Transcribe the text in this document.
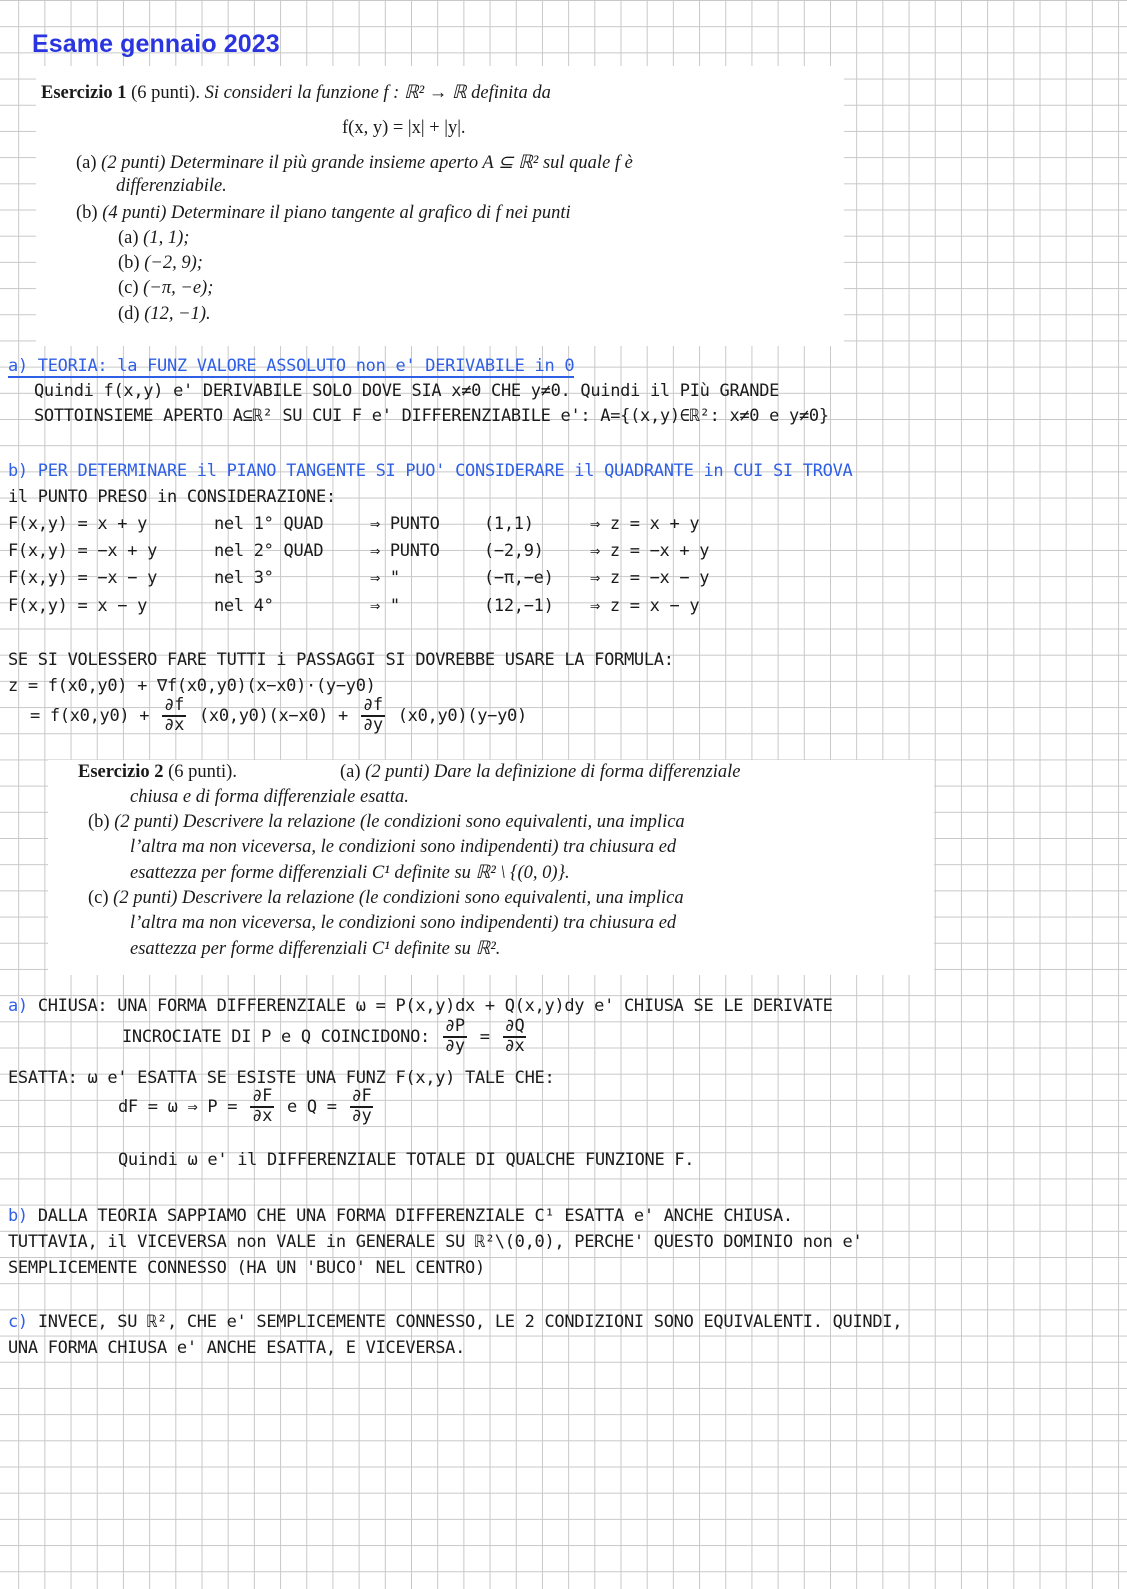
Esame gennaio 2023
Esercizio 1 (6 punti). Si consideri la funzione f : ℝ² → ℝ definita da
f(x, y) = |x| + |y|.
(a) (2 punti) Determinare il più grande insieme aperto A ⊆ ℝ² sul quale f è
differenziabile.
(b) (4 punti) Determinare il piano tangente al grafico di f nei punti
(a) (1, 1);
(b) (−2, 9);
(c) (−π, −e);
(d) (12, −1).
a) TEORIA: la FUNZ VALORE ASSOLUTO non e' DERIVABILE in 0
Quindi f(x,y) e' DERIVABILE SOLO DOVE SIA x≠0 CHE y≠0. Quindi il PIù GRANDE
SOTTOINSIEME APERTO A⊆ℝ² SU CUI F e' DIFFERENZIABILE e': A={(x,y)∈ℝ²: x≠0 e y≠0}
b) PER DETERMINARE il PIANO TANGENTE SI PUO' CONSIDERARE il QUADRANTE in CUI SI TROVA
il PUNTO PRESO in CONSIDERAZIONE:
F(x,y) = x + y	nel 1° QUAD	⇒ PUNTO	(1,1)	⇒ z = x + y
F(x,y) = −x + y	nel 2° QUAD	⇒ PUNTO	(−2,9)	⇒ z = −x + y
F(x,y) = −x − y	nel 3°	⇒ "	(−π,−e) ⇒ z = −x − y
F(x,y) = x − y	nel 4°	⇒ "	(12,−1) ⇒ z = x − y
SE SI VOLESSERO FARE TUTTI i PASSAGGI SI DOVREBBE USARE LA FORMULA:
z = f(x0,y0) + ∇f(x0,y0)(x−x0)·(y−y0)
= $f(x0,y0) + \frac{\partial f}{\partial x} (x0,y0)(x-x0) + \frac{\partial f}{\partial y} (x0,y0)(y-y0)$
Esercizio 2 (6 punti).	(a) (2 punti) Dare la definizione di forma differenziale
chiusa e di forma differenziale esatta.
(b) (2 punti) Descrivere la relazione (le condizioni sono equivalenti, una implica
l’altra ma non viceversa, le condizioni sono indipendenti) tra chiusura ed
esattezza per forme differenziali C¹ definite su ℝ² \ {(0, 0)}.
(c) (2 punti) Descrivere la relazione (le condizioni sono equivalenti, una implica
l’altra ma non viceversa, le condizioni sono indipendenti) tra chiusura ed
esattezza per forme differenziali C¹ definite su ℝ².
a) CHIUSA: UNA FORMA DIFFERENZIALE ω = P(x,y)dx + Q(x,y)dy e' CHIUSA SE LE DERIVATE
INCROCIATE DI P e Q COINCIDONO: $\frac{\partial P}{\partial y} = \frac{\partial Q}{\partial x}$
ESATTA: ω e' ESATTA SE ESISTE UNA FUNZ F(x,y) TALE CHE:
dF = ω ⇒ $P = \frac{\partial F}{\partial x}$ e $Q = \frac{\partial F}{\partial y}$
Quindi ω e' il DIFFERENZIALE TOTALE DI QUALCHE FUNZIONE F.
b) DALLA TEORIA SAPPIAMO CHE UNA FORMA DIFFERENZIALE C¹ ESATTA e' ANCHE CHIUSA.
TUTTAVIA, il VICEVERSA non VALE in GENERALE SU ℝ²\(0,0), PERCHE' QUESTO DOMINIO non e'
SEMPLICEMENTE CONNESSO (HA UN 'BUCO' NEL CENTRO)
c) INVECE, SU ℝ², CHE e' SEMPLICEMENTE CONNESSO, LE 2 CONDIZIONI SONO EQUIVALENTI. QUINDI,
UNA FORMA CHIUSA e' ANCHE ESATTA, E VICEVERSA.
